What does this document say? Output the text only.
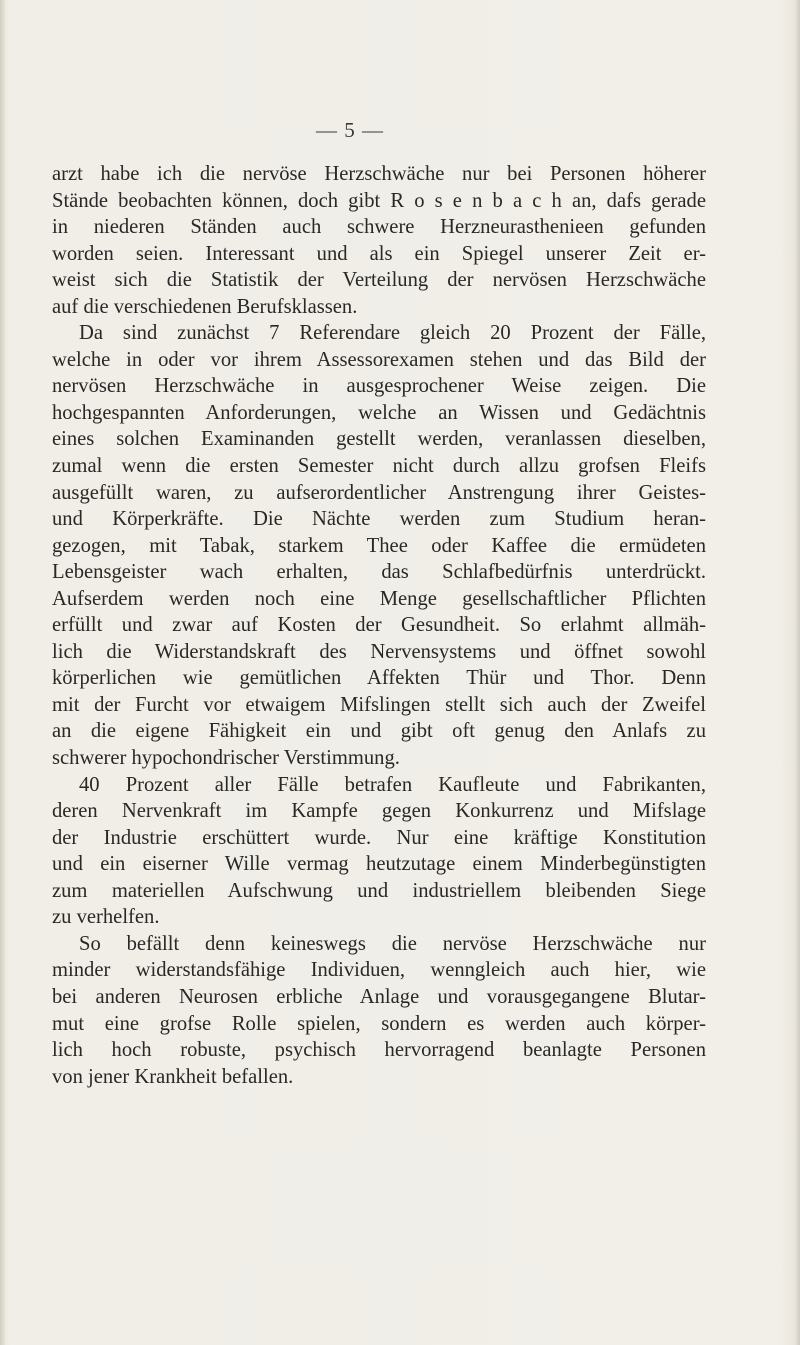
— 5 —
arzt habe ich die nervöse Herzschwäche nur bei Personen höherer
Stände beobachten können, doch gibt R o s e n b a c h an, dafs gerade
in niederen Ständen auch schwere Herzneurasthenieen gefunden
worden seien. Interessant und als ein Spiegel unserer Zeit er-
weist sich die Statistik der Verteilung der nervösen Herzschwäche
auf die verschiedenen Berufsklassen.
Da sind zunächst 7 Referendare gleich 20 Prozent der Fälle,
welche in oder vor ihrem Assessorexamen stehen und das Bild der
nervösen Herzschwäche in ausgesprochener Weise zeigen. Die
hochgespannten Anforderungen, welche an Wissen und Gedächtnis
eines solchen Examinanden gestellt werden, veranlassen dieselben,
zumal wenn die ersten Semester nicht durch allzu grofsen Fleifs
ausgefüllt waren, zu aufserordentlicher Anstrengung ihrer Geistes-
und Körperkräfte. Die Nächte werden zum Studium heran-
gezogen, mit Tabak, starkem Thee oder Kaffee die ermüdeten
Lebensgeister wach erhalten, das Schlafbedürfnis unterdrückt.
Aufserdem werden noch eine Menge gesellschaftlicher Pflichten
erfüllt und zwar auf Kosten der Gesundheit. So erlahmt allmäh-
lich die Widerstandskraft des Nervensystems und öffnet sowohl
körperlichen wie gemütlichen Affekten Thür und Thor. Denn
mit der Furcht vor etwaigem Mifslingen stellt sich auch der Zweifel
an die eigene Fähigkeit ein und gibt oft genug den Anlafs zu
schwerer hypochondrischer Verstimmung.
40 Prozent aller Fälle betrafen Kaufleute und Fabrikanten,
deren Nervenkraft im Kampfe gegen Konkurrenz und Mifslage
der Industrie erschüttert wurde. Nur eine kräftige Konstitution
und ein eiserner Wille vermag heutzutage einem Minderbegünstigten
zum materiellen Aufschwung und industriellem bleibenden Siege
zu verhelfen.
So befällt denn keineswegs die nervöse Herzschwäche nur
minder widerstandsfähige Individuen, wenngleich auch hier, wie
bei anderen Neurosen erbliche Anlage und vorausgegangene Blutar-
mut eine grofse Rolle spielen, sondern es werden auch körper-
lich hoch robuste, psychisch hervorragend beanlagte Personen
von jener Krankheit befallen.
